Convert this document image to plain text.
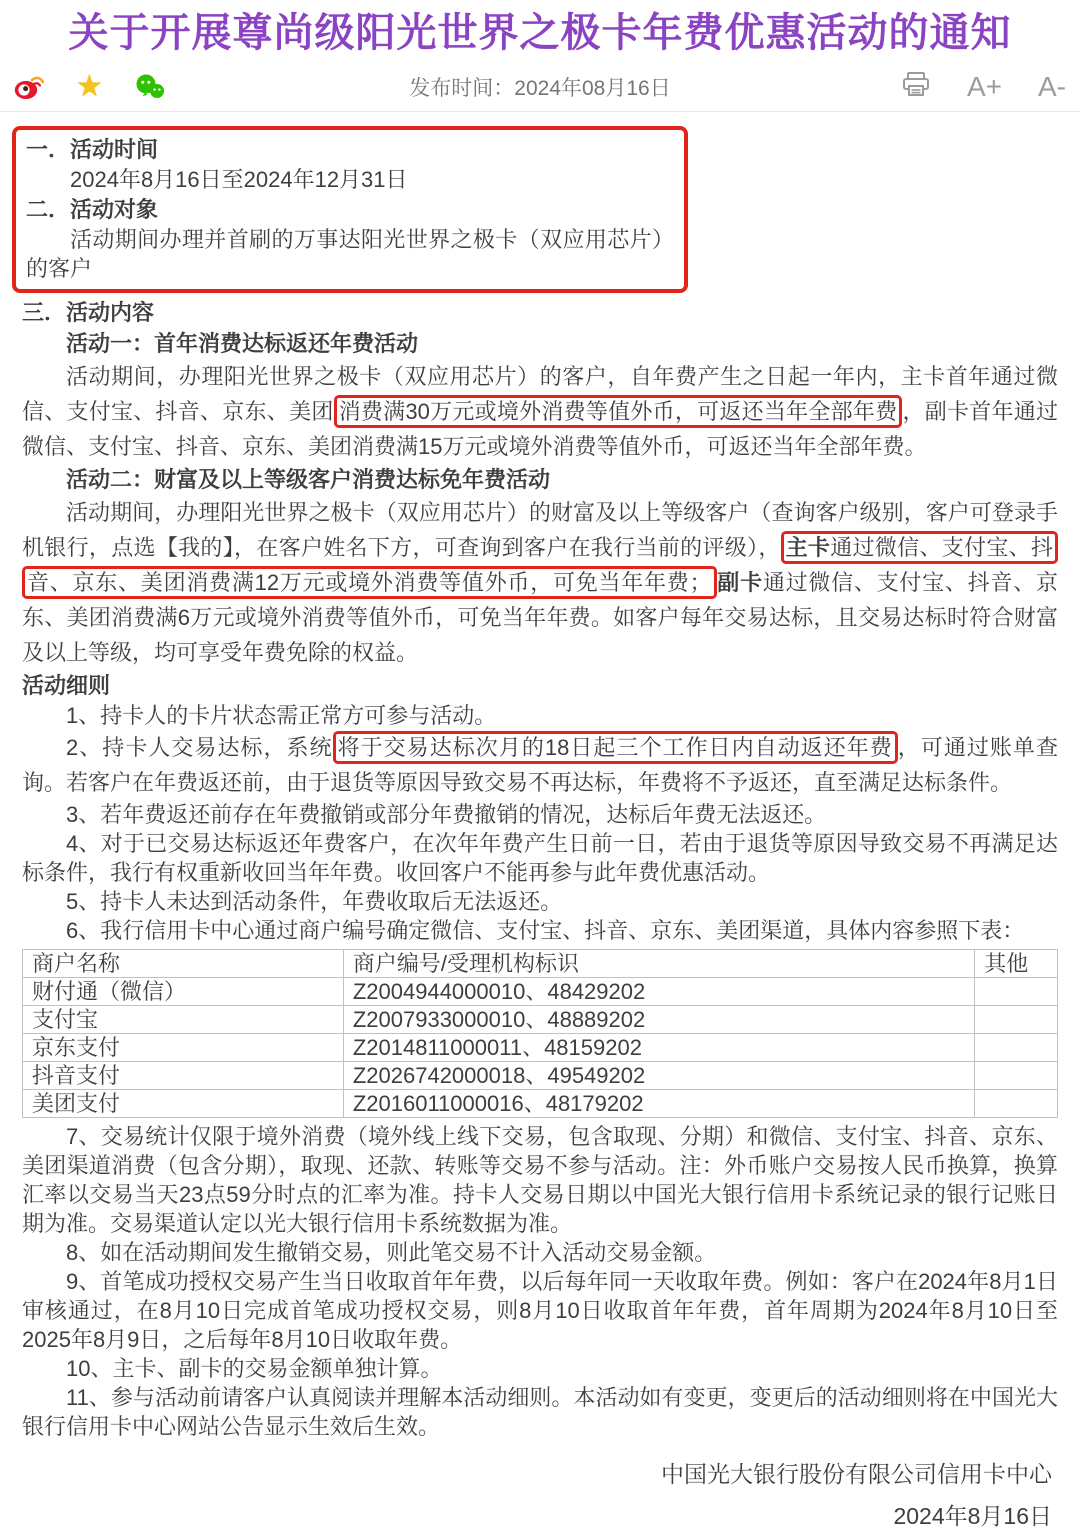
关于开展尊尚级阳光世界之极卡年费优惠活动的通知
★	发布时间：2024年08月16日	A+ A-

一．活动时间

2024年8月16日至2024年12月31日

二．活动对象

活动期间办理并首刷的万事达阳光世界之极卡（双应用芯片）的客户

三．活动内容

活动一：首年消费达标返还年费活动

活动期间，办理阳光世界之极卡（双应用芯片）的客户，自年费产生之日起一年内，主卡首年通过微信、支付宝、抖音、京东、美团 消费满30万元或境外消费等值外币，可返还当年全部年费 ，副卡首年通过微信、支付宝、抖音、京东、美团消费满15万元或境外消费等值外币，可返还当年全部年费。

活动二：财富及以上等级客户消费达标免年费活动

活动期间，办理阳光世界之极卡（双应用芯片）的财富及以上等级客户（查询客户级别，客户可登录手机银行，点选【我的】，在客户姓名下方，可查询到客户在我行当前的评级）， 主卡通过微信、支付宝、抖音、京东、美团消费满12万元或境外消费等值外币，可免当年年费； 副卡通过微信、支付宝、抖音、京东、美团消费满6万元或境外消费等值外币，可免当年年费。如客户每年交易达标，且交易达标时符合财富及以上等级，均可享受年费免除的权益。

活动细则

1、持卡人的卡片状态需正常方可参与活动。

2、持卡人交易达标，系统 将于交易达标次月的18日起三个工作日内自动返还年费 ，可通过账单查询。若客户在年费返还前，由于退货等原因导致交易不再达标，年费将不予返还，直至满足达标条件。

3、若年费返还前存在年费撤销或部分年费撤销的情况，达标后年费无法返还。

4、对于已交易达标返还年费客户，在次年年费产生日前一日，若由于退货等原因导致交易不再满足达标条件，我行有权重新收回当年年费。收回客户不能再参与此年费优惠活动。

5、持卡人未达到活动条件，年费收取后无法返还。

6、我行信用卡中心通过商户编号确定微信、支付宝、抖音、京东、美团渠道，具体内容参照下表：

商户名称	商户编号/受理机构标识	其他
财付通（微信）	Z2004944000010、48429202	
支付宝	Z2007933000010、48889202	
京东支付	Z2014811000011、48159202	
抖音支付	Z2026742000018、49549202	
美团支付	Z2016011000016、48179202	

7、交易统计仅限于境外消费（境外线上线下交易，包含取现、分期）和微信、支付宝、抖音、京东、美团渠道消费（包含分期），取现、还款、转账等交易不参与活动。注：外币账户交易按人民币换算，换算汇率以交易当天23点59分时点的汇率为准。持卡人交易日期以中国光大银行信用卡系统记录的银行记账日期为准。交易渠道认定以光大银行信用卡系统数据为准。

8、如在活动期间发生撤销交易，则此笔交易不计入活动交易金额。

9、首笔成功授权交易产生当日收取首年年费，以后每年同一天收取年费。例如：客户在2024年8月1日审核通过，在8月10日完成首笔成功授权交易，则8月10日收取首年年费，首年周期为2024年8月10日至2025年8月9日，之后每年8月10日收取年费。

10、主卡、副卡的交易金额单独计算。

11、参与活动前请客户认真阅读并理解本活动细则。本活动如有变更，变更后的活动细则将在中国光大银行信用卡中心网站公告显示生效后生效。

中国光大银行股份有限公司信用卡中心

2024年8月16日
